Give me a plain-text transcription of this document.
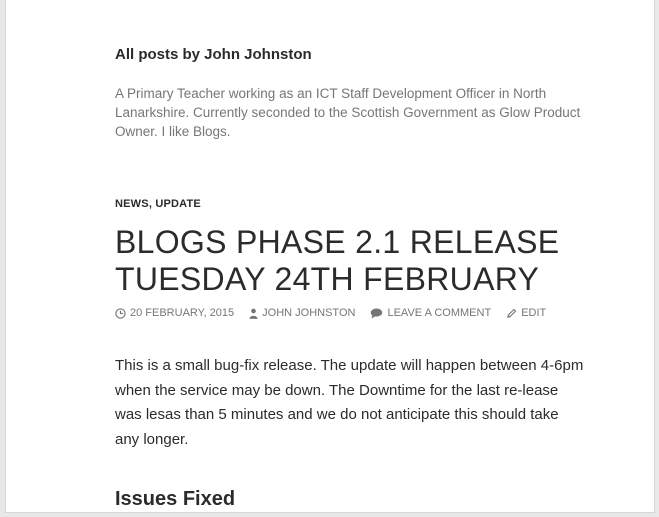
All posts by John Johnston

A Primary Teacher working as an ICT Staff Development Officer in North Lanarkshire. Currently seconded to the Scottish Government as Glow Product Owner. I like Blogs.

NEWS, UPDATE
BLOGS PHASE 2.1 RELEASE
TUESDAY 24TH FEBRUARY
20 FEBRUARY, 2015	JOHN JOHNSTON	LEAVE A COMMENT	EDIT

This is a small bug-fix release. The update will happen between 4-6pm when the service may be down. The Downtime for the last re-lease was lesas than 5 minutes and we do not anticipate this should take any longer.

Issues Fixed
